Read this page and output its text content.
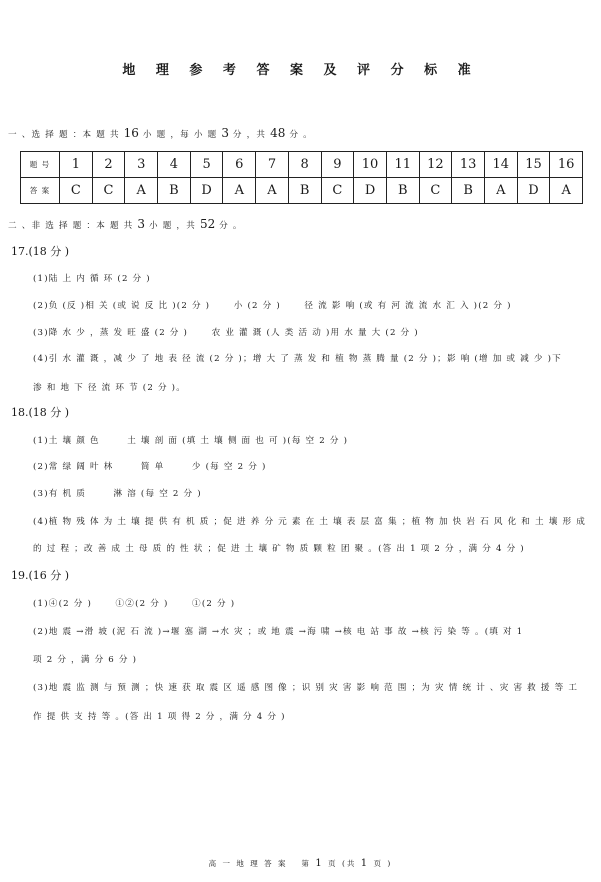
地 理 参 考 答 案 及 评 分 标 准
一 、选 择 题 ：本 题 共 16 小 题 ，每 小 题 3 分 ，共 48 分 。
题 号	1	2	3	4	5	6	7	8	9	10	11	12	13	14	15	16
答 案	C	C	A	B	D	A	A	B	C	D	B	C	B	A	D	A
二 、非 选 择 题 ：本 题 共 3 小 题 ，共 52 分 。
17.(18 分 )
(1)陆 上 内 循 环 (2 分 )
(2)负 (反 )相 关 (或 说 反 比 )(2 分 )　　 小 (2 分 )　　 径 流 影 响 (或 有 河 流 流 水 汇 入 )(2 分 )
(3)降 水 少 ，蒸 发 旺 盛 (2 分 )　　 农 业 灌 溉 (人 类 活 动 )用 水 量 大 (2 分 )
(4)引 水 灌 溉 ，减 少 了 地 表 径 流 (2 分 )；增 大 了 蒸 发 和 植 物 蒸 腾 量 (2 分 )；影 响 (增 加 或 减 少 )下
渗 和 地 下 径 流 环 节 (2 分 )。
18.(18 分 )
(1)土 壤 颜 色 　　 土 壤 剖 面 (填 土 壤 侧 面 也 可 )(每 空 2 分 )
(2)常 绿 阔 叶 林 　　 简 单 　　 少 (每 空 2 分 )
(3)有 机 质 　　 淋 溶 (每 空 2 分 )
(4)植 物 残 体 为 土 壤 提 供 有 机 质 ；促 进 养 分 元 素 在 土 壤 表 层 富 集 ；植 物 加 快 岩 石 风 化 和 土 壤 形 成
的 过 程 ；改 善 成 土 母 质 的 性 状 ；促 进 土 壤 矿 物 质 颗 粒 团 聚 。(答 出 1 项 2 分 ，满 分 4 分 )
19.(16 分 )
(1)④(2 分 )　　 ①②(2 分 )　　 ①(2 分 )
(2)地 震 →滑 坡 (泥 石 流 )→堰 塞 湖 →水 灾 ；或 地 震 →海 啸 →核 电 站 事 故 →核 污 染 等 。(填 对 1
项 2 分 ，满 分 6 分 )
(3)地 震 监 测 与 预 测 ；快 速 获 取 震 区 遥 感 图 像 ；识 别 灾 害 影 响 范 围 ；为 灾 情 统 计 、灾 害 救 援 等 工
作 提 供 支 持 等 。(答 出 1 项 得 2 分 ，满 分 4 分 )
高 一 地 理 答 案 　第 1 页 (共 1 页 )
